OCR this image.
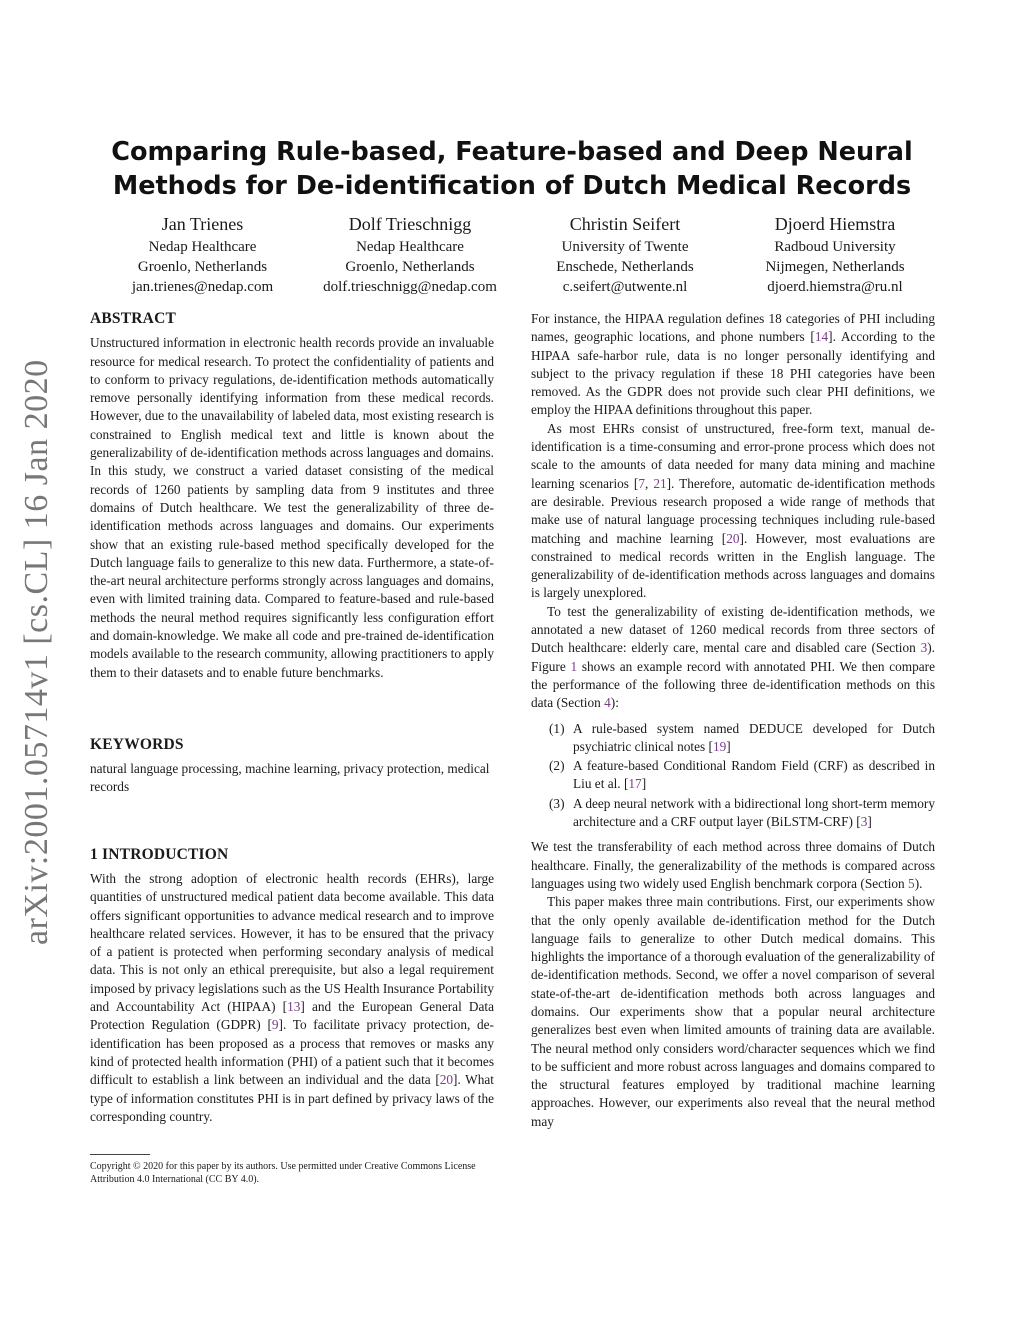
arXiv:2001.05714v1 [cs.CL] 16 Jan 2020
Comparing Rule-based, Feature-based and Deep Neural
Methods for De-identification of Dutch Medical Records
Jan Trienes
Nedap Healthcare
Groenlo, Netherlands
jan.trienes@nedap.com
Dolf Trieschnigg
Nedap Healthcare
Groenlo, Netherlands
dolf.trieschnigg@nedap.com
Christin Seifert
University of Twente
Enschede, Netherlands
c.seifert@utwente.nl
Djoerd Hiemstra
Radboud University
Nijmegen, Netherlands
djoerd.hiemstra@ru.nl
ABSTRACT

Unstructured information in electronic health records provide an invaluable resource for medical research. To protect the confidentiality of patients and to conform to privacy regulations, de-identification methods automatically remove personally identifying information from these medical records. However, due to the unavailability of labeled data, most existing research is constrained to English medical text and little is known about the generalizability of de-identification methods across languages and domains. In this study, we construct a varied dataset consisting of the medical records of 1260 patients by sampling data from 9 institutes and three domains of Dutch healthcare. We test the generalizability of three de-identification methods across languages and domains. Our experiments show that an existing rule-based method specifically developed for the Dutch language fails to generalize to this new data. Furthermore, a state-of-the-art neural architecture performs strongly across languages and domains, even with limited training data. Compared to feature-based and rule-based methods the neural method requires significantly less configuration effort and domain-knowledge. We make all code and pre-trained de-identification models available to the research community, allowing practitioners to apply them to their datasets and to enable future benchmarks.

KEYWORDS

natural language processing, machine learning, privacy protection, medical records

1 INTRODUCTION

With the strong adoption of electronic health records (EHRs), large quantities of unstructured medical patient data become available. This data offers significant opportunities to advance medical research and to improve healthcare related services. However, it has to be ensured that the privacy of a patient is protected when performing secondary analysis of medical data. This is not only an ethical prerequisite, but also a legal requirement imposed by privacy legislations such as the US Health Insurance Portability and Accountability Act (HIPAA) [13] and the European General Data Protection Regulation (GDPR) [9]. To facilitate privacy protection, de-identification has been proposed as a process that removes or masks any kind of protected health information (PHI) of a patient such that it becomes difficult to establish a link between an individual and the data [20]. What type of information constitutes PHI is in part defined by privacy laws of the corresponding country.

Copyright © 2020 for this paper by its authors. Use permitted under Creative Commons License Attribution 4.0 International (CC BY 4.0).

For instance, the HIPAA regulation defines 18 categories of PHI including names, geographic locations, and phone numbers [14]. According to the HIPAA safe-harbor rule, data is no longer personally identifying and subject to the privacy regulation if these 18 PHI categories have been removed. As the GDPR does not provide such clear PHI definitions, we employ the HIPAA definitions throughout this paper.

As most EHRs consist of unstructured, free-form text, manual de-identification is a time-consuming and error-prone process which does not scale to the amounts of data needed for many data mining and machine learning scenarios [7, 21]. Therefore, automatic de-identification methods are desirable. Previous research proposed a wide range of methods that make use of natural language processing techniques including rule-based matching and machine learning [20]. However, most evaluations are constrained to medical records written in the English language. The generalizability of de-identification methods across languages and domains is largely unexplored.

To test the generalizability of existing de-identification methods, we annotated a new dataset of 1260 medical records from three sectors of Dutch healthcare: elderly care, mental care and disabled care (Section 3). Figure 1 shows an example record with annotated PHI. We then compare the performance of the following three de-identification methods on this data (Section 4):

(1) A rule-based system named DEDUCE developed for Dutch psychiatric clinical notes [19]
(2) A feature-based Conditional Random Field (CRF) as described in Liu et al. [17]
(3) A deep neural network with a bidirectional long short-term memory architecture and a CRF output layer (BiLSTM-CRF) [3]

We test the transferability of each method across three domains of Dutch healthcare. Finally, the generalizability of the methods is compared across languages using two widely used English benchmark corpora (Section 5).

This paper makes three main contributions. First, our experiments show that the only openly available de-identification method for the Dutch language fails to generalize to other Dutch medical domains. This highlights the importance of a thorough evaluation of the generalizability of de-identification methods. Second, we offer a novel comparison of several state-of-the-art de-identification methods both across languages and domains. Our experiments show that a popular neural architecture generalizes best even when limited amounts of training data are available. The neural method only considers word/character sequences which we find to be sufficient and more robust across languages and domains compared to the structural features employed by traditional machine learning approaches. However, our experiments also reveal that the neural method may
